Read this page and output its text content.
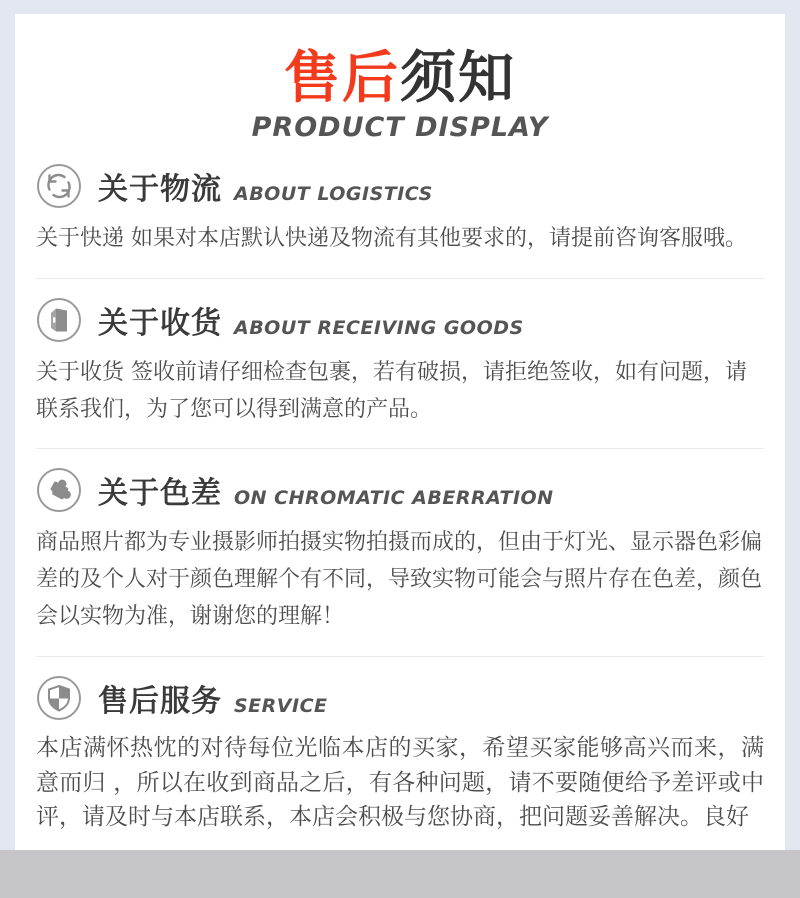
售后须知
PRODUCT DISPLAY
关于物流 ABOUT LOGISTICS
关于快递 如果对本店默认快递及物流有其他要求的，请提前咨询客服哦。
关于收货 ABOUT RECEIVING GOODS
关于收货 签收前请仔细检查包裹，若有破损，请拒绝签收，如有问题，请联系我们，为了您可以得到满意的产品。
关于色差 ON CHROMATIC ABERRATION
商品照片都为专业摄影师拍摄实物拍摄而成的，但由于灯光、显示器色彩偏差的及个人对于颜色理解个有不同，导致实物可能会与照片存在色差，颜色会以实物为准，谢谢您的理解！
售后服务 SERVICE
本店满怀热忱的对待每位光临本店的买家，希望买家能够高兴而来，满意而归 ，所以在收到商品之后，有各种问题，请不要随便给予差评或中评，请及时与本店联系，本店会积极与您协商，把问题妥善解决。良好
